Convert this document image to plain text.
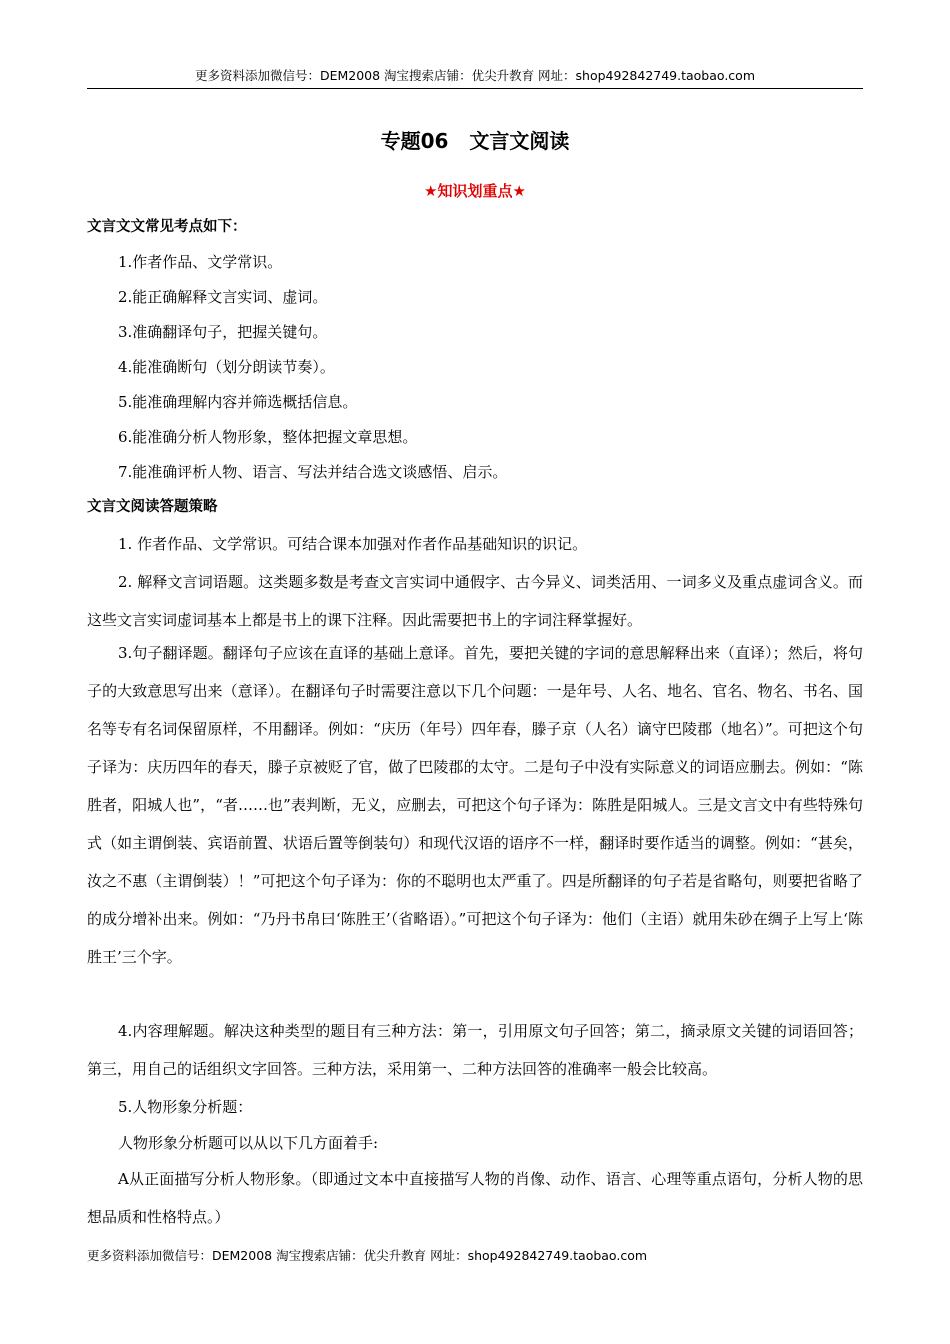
更多资料添加微信号：DEM2008 淘宝搜索店铺：优尖升教育 网址：shop492842749.taobao.com
专题06   文言文阅读
★知识划重点★
文言文文常见考点如下：
1.作者作品、文学常识。
2.能正确解释文言实词、虚词。
3.准确翻译句子，把握关键句。
4.能准确断句（划分朗读节奏）。
5.能准确理解内容并筛选概括信息。
6.能准确分析人物形象，整体把握文章思想。
7.能准确评析人物、语言、写法并结合选文谈感悟、启示。
文言文阅读答题策略

1. 作者作品、文学常识。可结合课本加强对作者作品基础知识的识记。

2. 解释文言词语题。这类题多数是考查文言实词中通假字、古今异义、词类活用、一词多义及重点虚词含义。而这些文言实词虚词基本上都是书上的课下注释。因此需要把书上的字词注释掌握好。

3.句子翻译题。翻译句子应该在直译的基础上意译。首先，要把关键的字词的意思解释出来（直译）；然后，将句子的大致意思写出来（意译）。在翻译句子时需要注意以下几个问题：一是年号、人名、地名、官名、物名、书名、国名等专有名词保留原样，不用翻译。例如：“庆历（年号）四年春，滕子京（人名）谪守巴陵郡（地名）”。可把这个句子译为：庆历四年的春天，滕子京被贬了官，做了巴陵郡的太守。二是句子中没有实际意义的词语应删去。例如：“陈胜者，阳城人也”，“者……也”表判断，无义，应删去，可把这个句子译为：陈胜是阳城人。三是文言文中有些特殊句式（如主谓倒装、宾语前置、状语后置等倒装句）和现代汉语的语序不一样，翻译时要作适当的调整。例如：“甚矣，汝之不惠（主谓倒装）！”可把这个句子译为：你的不聪明也太严重了。四是所翻译的句子若是省略句，则要把省略了的成分增补出来。例如：“乃丹书帛曰‘陈胜王’（省略语）。”可把这个句子译为：他们（主语）就用朱砂在绸子上写上‘陈胜王’三个字。

4.内容理解题。解决这种类型的题目有三种方法：第一，引用原文句子回答；第二，摘录原文关键的词语回答；第三，用自己的话组织文字回答。三种方法，采用第一、二种方法回答的准确率一般会比较高。

5.人物形象分析题：

人物形象分析题可以从以下几方面着手:

A从正面描写分析人物形象。（即通过文本中直接描写人物的肖像、动作、语言、心理等重点语句，分析人物的思想品质和性格特点。）

更多资料添加微信号：DEM2008 淘宝搜索店铺：优尖升教育 网址：shop492842749.taobao.com
